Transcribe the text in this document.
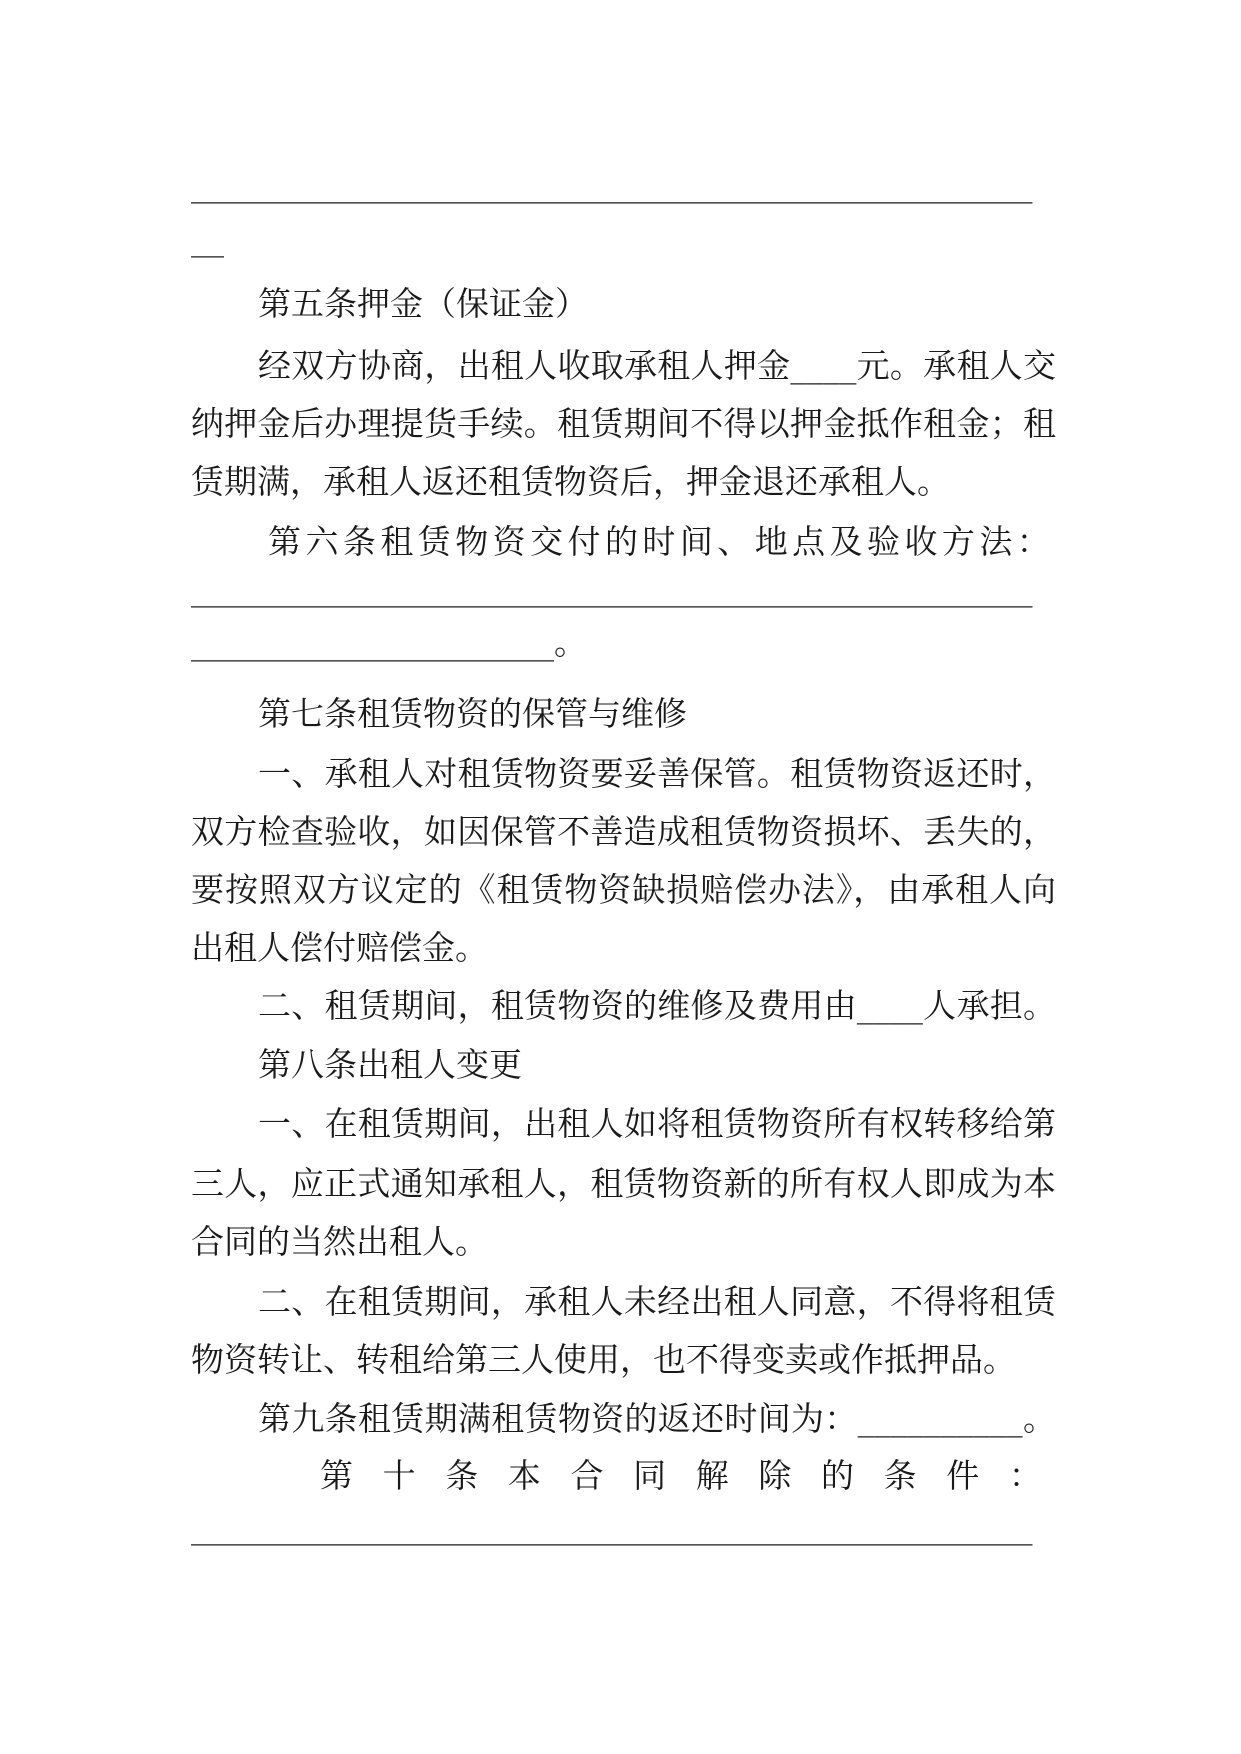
___________________________________________________
__
第五条押金（保证金）
经双方协商，出租人收取承租人押金____元。承租人交
纳押金后办理提货手续。租赁期间不得以押金抵作租金；租
赁期满，承租人返还租赁物资后，押金退还承租人。
第 六 条 租 赁 物 资 交 付 的 时 间 、 地 点 及 验 收 方 法 ：
___________________________________________________
______________________。
第七条租赁物资的保管与维修
一、承租人对租赁物资要妥善保管。租赁物资返还时，
双方检查验收，如因保管不善造成租赁物资损坏、丢失的，
要按照双方议定的《租赁物资缺损赔偿办法》，由承租人向
出租人偿付赔偿金。
二、租赁期间，租赁物资的维修及费用由____人承担。
第八条出租人变更
一、在租赁期间，出租人如将租赁物资所有权转移给第
三人，应正式通知承租人，租赁物资新的所有权人即成为本
合同的当然出租人。
二、在租赁期间，承租人未经出租人同意，不得将租赁
物资转让、转租给第三人使用，也不得变卖或作抵押品。
第九条租赁期满租赁物资的返还时间为：__________。
第 十 条 本 合 同 解 除 的 条 件 ：
___________________________________________________
